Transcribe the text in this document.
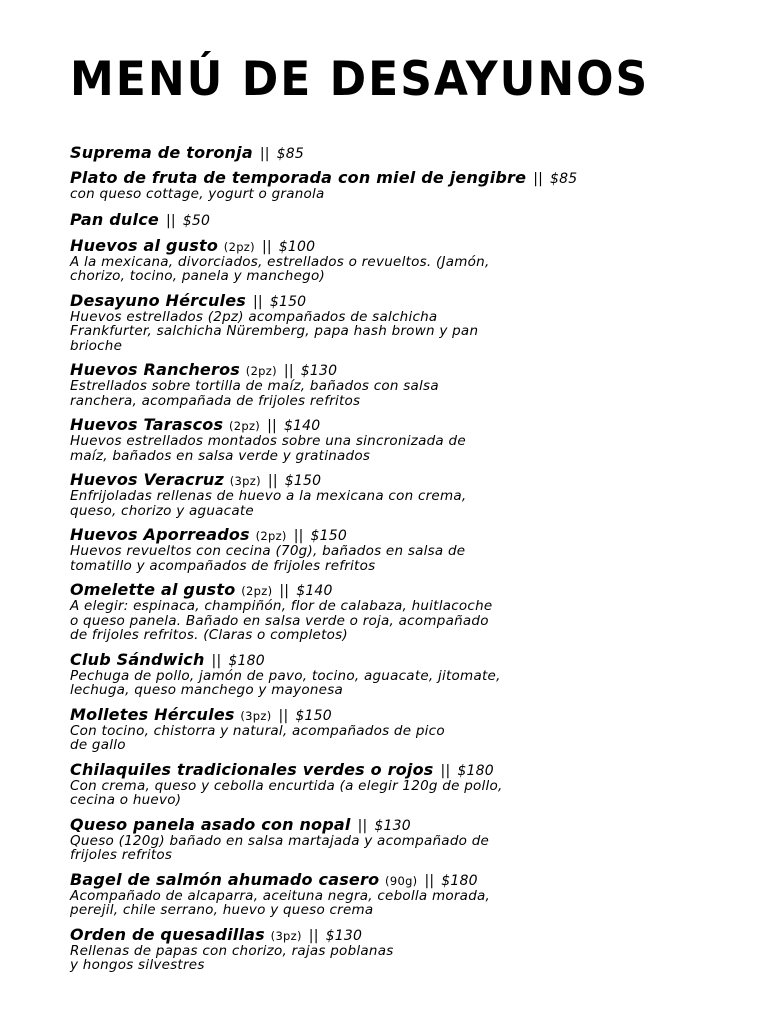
MENÚ DE DESAYUNOS
Suprema de toronja || $85
Plato de fruta de temporada con miel de jengibre || $85
con queso cottage, yogurt o granola
Pan dulce || $50
Huevos al gusto (2pz) || $100
A la mexicana, divorciados, estrellados o revueltos. (Jamón,
chorizo, tocino, panela y manchego)
Desayuno Hércules || $150
Huevos estrellados (2pz) acompañados de salchicha
Frankfurter, salchicha Nüremberg, papa hash brown y pan
brioche
Huevos Rancheros (2pz) || $130
Estrellados sobre tortilla de maíz, bañados con salsa
ranchera, acompañada de frijoles refritos
Huevos Tarascos (2pz) || $140
Huevos estrellados montados sobre una sincronizada de
maíz, bañados en salsa verde y gratinados
Huevos Veracruz (3pz) || $150
Enfrijoladas rellenas de huevo a la mexicana con crema,
queso, chorizo y aguacate
Huevos Aporreados (2pz) || $150
Huevos revueltos con cecina (70g), bañados en salsa de
tomatillo y acompañados de frijoles refritos
Omelette al gusto (2pz) || $140
A elegir: espinaca, champiñón, flor de calabaza, huitlacoche
o queso panela. Bañado en salsa verde o roja, acompañado
de frijoles refritos. (Claras o completos)
Club Sándwich || $180
Pechuga de pollo, jamón de pavo, tocino, aguacate, jitomate,
lechuga, queso manchego y mayonesa
Molletes Hércules (3pz) || $150
Con tocino, chistorra y natural, acompañados de pico
de gallo
Chilaquiles tradicionales verdes o rojos || $180
Con crema, queso y cebolla encurtida (a elegir 120g de pollo,
cecina o huevo)
Queso panela asado con nopal || $130
Queso (120g) bañado en salsa martajada y acompañado de
frijoles refritos
Bagel de salmón ahumado casero (90g) || $180
Acompañado de alcaparra, aceituna negra, cebolla morada,
perejil, chile serrano, huevo y queso crema
Orden de quesadillas (3pz) || $130
Rellenas de papas con chorizo, rajas poblanas
y hongos silvestres
